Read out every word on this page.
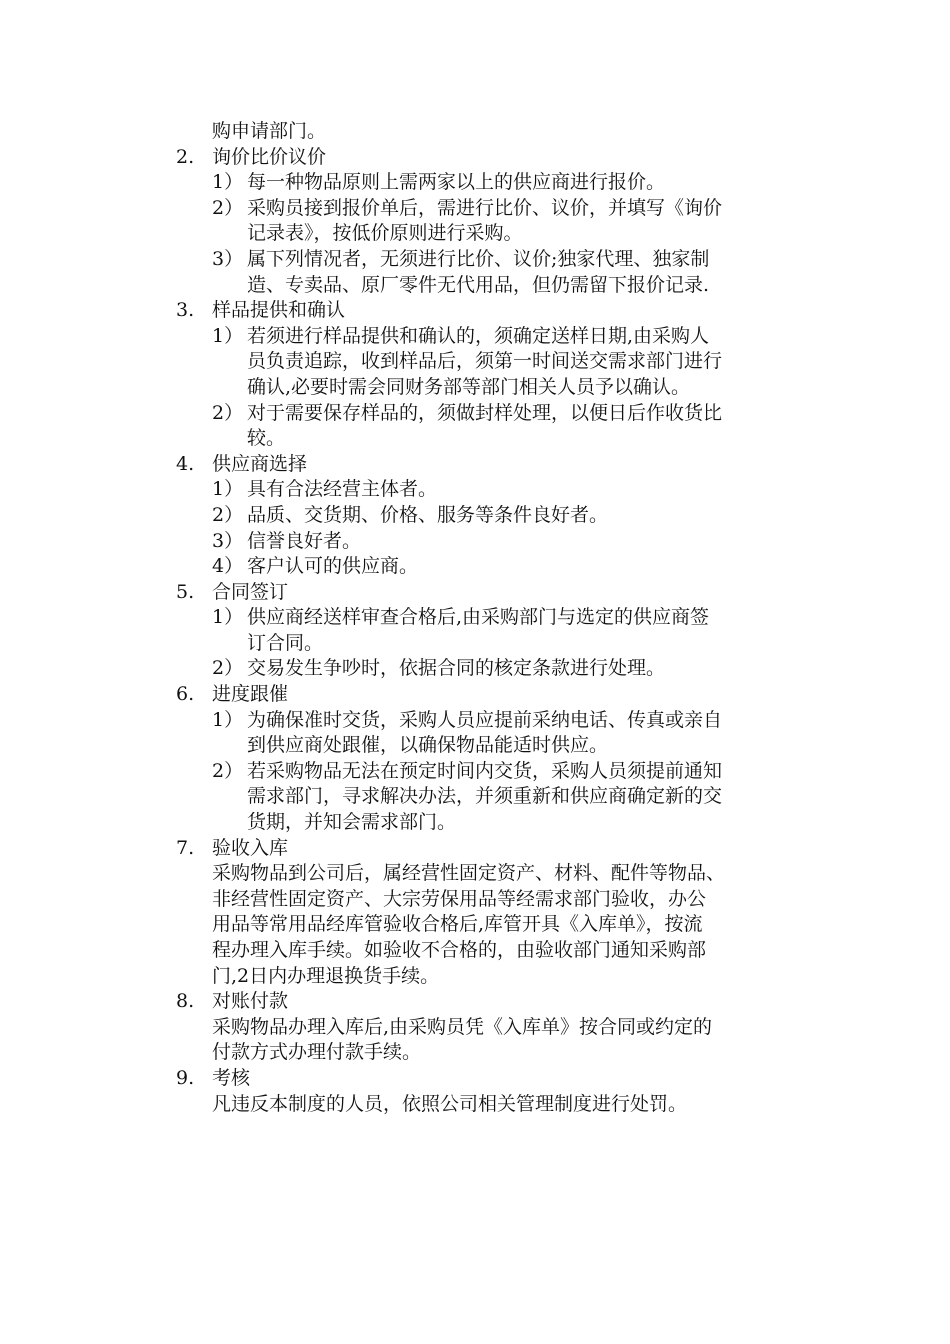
购申请部门。
2. 询价比价议价
1） 每一种物品原则上需两家以上的供应商进行报价。
2） 采购员接到报价单后，需进行比价、议价，并填写《询价
记录表》，按低价原则进行采购。
3） 属下列情况者，无须进行比价、议价;独家代理、独家制
造、专卖品、原厂零件无代用品，但仍需留下报价记录.
3. 样品提供和确认
1） 若须进行样品提供和确认的，须确定送样日期,由采购人
员负责追踪，收到样品后，须第一时间送交需求部门进行
确认,必要时需会同财务部等部门相关人员予以确认。
2） 对于需要保存样品的，须做封样处理，以便日后作收货比
较。
4. 供应商选择
1） 具有合法经营主体者。
2） 品质、交货期、价格、服务等条件良好者。
3） 信誉良好者。
4） 客户认可的供应商。
5. 合同签订
1） 供应商经送样审查合格后,由采购部门与选定的供应商签
订合同。
2） 交易发生争吵时，依据合同的核定条款进行处理。
6. 进度跟催
1） 为确保准时交货，采购人员应提前采纳电话、传真或亲自
到供应商处跟催，以确保物品能适时供应。
2） 若采购物品无法在预定时间内交货，采购人员须提前通知
需求部门，寻求解决办法，并须重新和供应商确定新的交
货期，并知会需求部门。
7. 验收入库
采购物品到公司后，属经营性固定资产、材料、配件等物品、
非经营性固定资产、大宗劳保用品等经需求部门验收，办公
用品等常用品经库管验收合格后,库管开具《入库单》，按流
程办理入库手续。如验收不合格的，由验收部门通知采购部
门,2日内办理退换货手续。
8. 对账付款
采购物品办理入库后,由采购员凭《入库单》按合同或约定的
付款方式办理付款手续。
9. 考核
凡违反本制度的人员，依照公司相关管理制度进行处罚。
